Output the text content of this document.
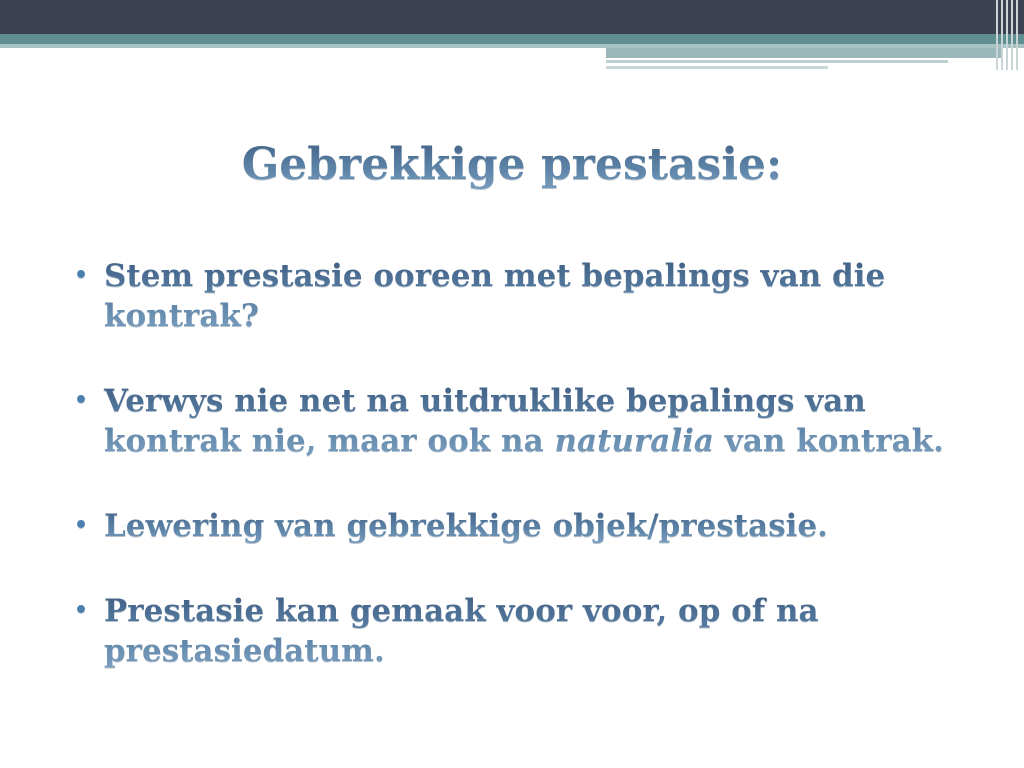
Gebrekkige prestasie:
• Stem prestasie ooreen met bepalings van die kontrak?
• Verwys nie net na uitdruklike bepalings van kontrak nie, maar ook na naturalia van kontrak.
• Lewering van gebrekkige objek/prestasie.
• Prestasie kan gemaak voor voor, op of na prestasiedatum.
